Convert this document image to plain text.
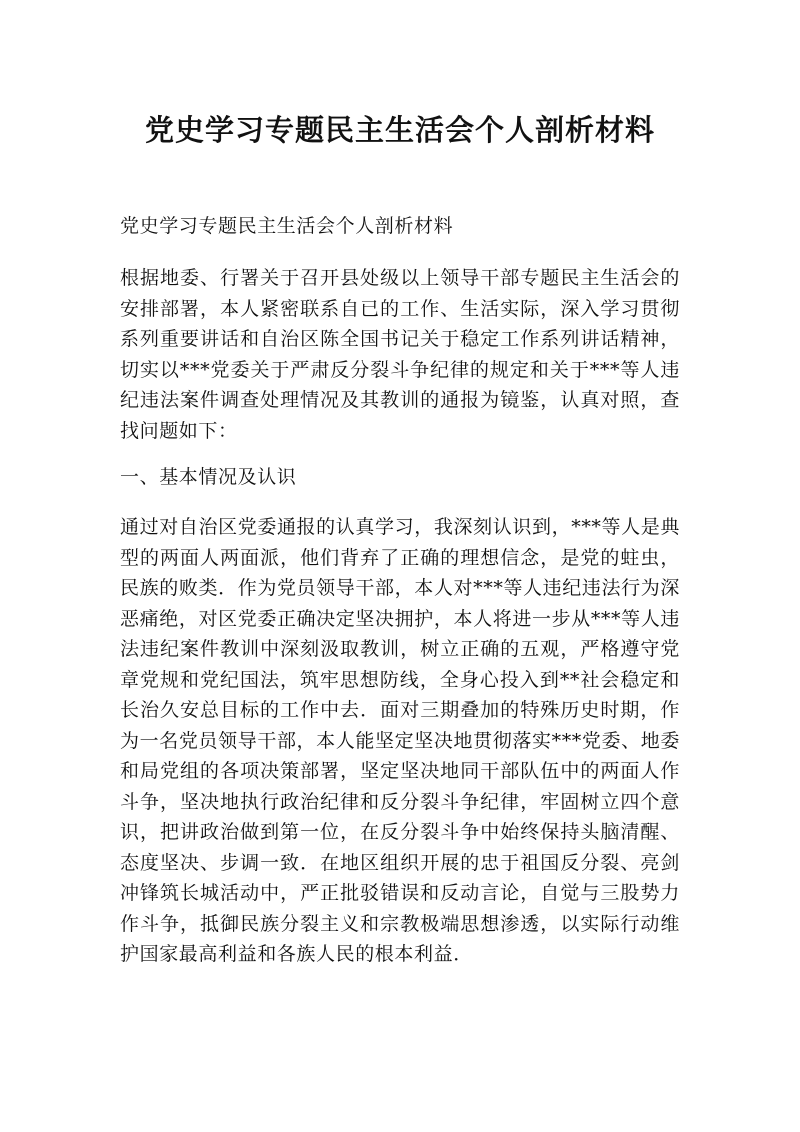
党史学习专题民主生活会个人剖析材料

党史学习专题民主生活会个人剖析材料

根据地委、行署关于召开县处级以上领导干部专题民主生活会的安排部署，本人紧密联系自已的工作、生活实际，深入学习贯彻系列重要讲话和自治区陈全国书记关于稳定工作系列讲话精神，切实以***党委关于严肃反分裂斗争纪律的规定和关于***等人违纪违法案件调查处理情况及其教训的通报为镜鉴，认真对照，查找问题如下：

一、基本情况及认识

通过对自治区党委通报的认真学习，我深刻认识到，***等人是典型的两面人两面派，他们背弃了正确的理想信念，是党的蛀虫，民族的败类．作为党员领导干部，本人对***等人违纪违法行为深恶痛绝，对区党委正确决定坚决拥护，本人将进一步从***等人违法违纪案件教训中深刻汲取教训，树立正确的五观，严格遵守党章党规和党纪国法，筑牢思想防线，全身心投入到**社会稳定和长治久安总目标的工作中去．面对三期叠加的特殊历史时期，作为一名党员领导干部，本人能坚定坚决地贯彻落实***党委、地委和局党组的各项决策部署，坚定坚决地同干部队伍中的两面人作斗争，坚决地执行政治纪律和反分裂斗争纪律，牢固树立四个意识，把讲政治做到第一位，在反分裂斗争中始终保持头脑清醒、态度坚决、步调一致．在地区组织开展的忠于祖国反分裂、亮剑冲锋筑长城活动中，严正批驳错误和反动言论，自觉与三股势力作斗争，抵御民族分裂主义和宗教极端思想渗透，以实际行动维护国家最高利益和各族人民的根本利益．
